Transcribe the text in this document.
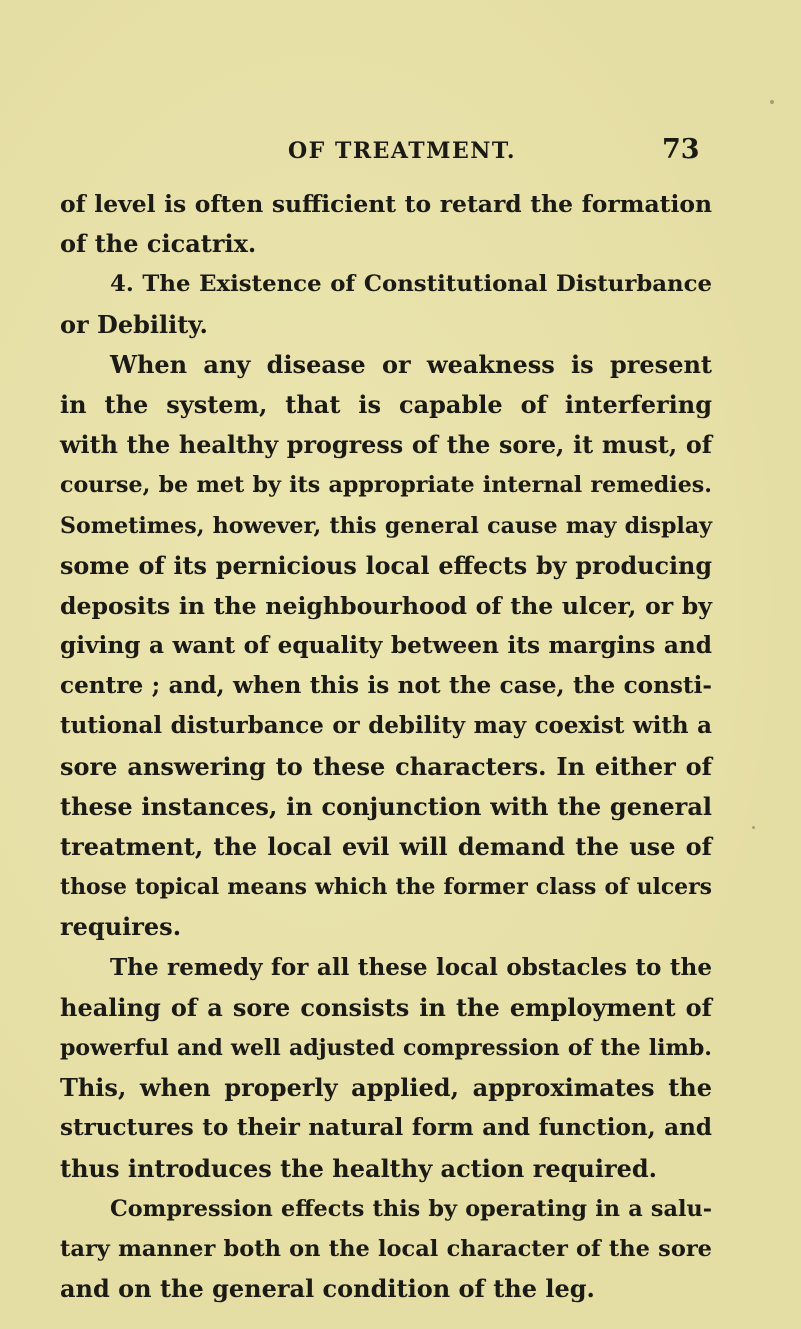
OF TREATMENT.	73
of level is often sufficient to retard the formation
of the cicatrix.
4. The Existence of Constitutional Disturbance
or Debility.
When any disease or weakness is present
in the system, that is capable of interfering
with the healthy progress of the sore, it must, of
course, be met by its appropriate internal remedies.
Sometimes, however, this general cause may display
some of its pernicious local effects by producing
deposits in the neighbourhood of the ulcer, or by
giving a want of equality between its margins and
centre ; and, when this is not the case, the consti-
tutional disturbance or debility may coexist with a
sore answering to these characters. In either of
these instances, in conjunction with the general
treatment, the local evil will demand the use of
those topical means which the former class of ulcers
requires.
The remedy for all these local obstacles to the
healing of a sore consists in the employment of
powerful and well adjusted compression of the limb.
This, when properly applied, approximates the
structures to their natural form and function, and
thus introduces the healthy action required.
Compression effects this by operating in a salu-
tary manner both on the local character of the sore
and on the general condition of the leg.
